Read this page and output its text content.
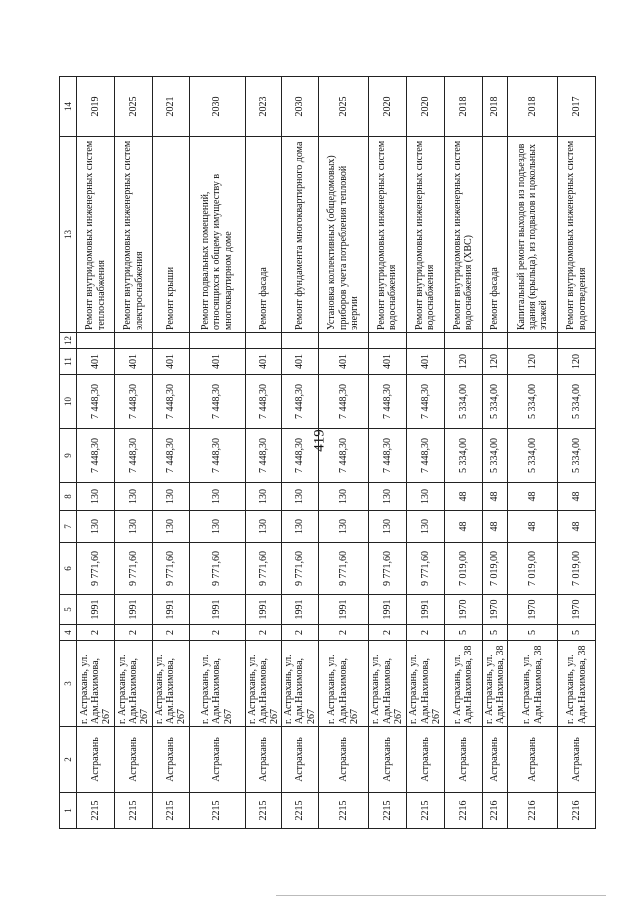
419
1	2	3	4	5	6	7	8	9	10	11	12	13	14
2215	Астрахань	г. Астрахань, ул. Адм.Нахимова, 267	2	1991	9 771,60	130	130	7 448,30	7 448,30	401		Ремонт внутридомовых инженерных систем теплоснабжения	2019
2215	Астрахань	г. Астрахань, ул. Адм.Нахимова, 267	2	1991	9 771,60	130	130	7 448,30	7 448,30	401		Ремонт внутридомовых инженерных систем электроснабжения	2025
2215	Астрахань	г. Астрахань, ул. Адм.Нахимова, 267	2	1991	9 771,60	130	130	7 448,30	7 448,30	401		Ремонт крыши	2021
2215	Астрахань	г. Астрахань, ул. Адм.Нахимова, 267	2	1991	9 771,60	130	130	7 448,30	7 448,30	401		Ремонт подвальных помещений, относящихся к общему имуществу в многоквартирном доме	2030
2215	Астрахань	г. Астрахань, ул. Адм.Нахимова, 267	2	1991	9 771,60	130	130	7 448,30	7 448,30	401		Ремонт фасада	2023
2215	Астрахань	г. Астрахань, ул. Адм.Нахимова, 267	2	1991	9 771,60	130	130	7 448,30	7 448,30	401		Ремонт фундамента многоквартирного дома	2030
2215	Астрахань	г. Астрахань, ул. Адм.Нахимова, 267	2	1991	9 771,60	130	130	7 448,30	7 448,30	401		Установка коллективных (общедомовых) приборов учета потребления тепловой энергии	2025
2215	Астрахань	г. Астрахань, ул. Адм.Нахимова, 267	2	1991	9 771,60	130	130	7 448,30	7 448,30	401		Ремонт внутридомовых инженерных систем водоснабжения	2020
2215	Астрахань	г. Астрахань, ул. Адм.Нахимова, 267	2	1991	9 771,60	130	130	7 448,30	7 448,30	401		Ремонт внутридомовых инженерных систем водоснабжения	2020
2216	Астрахань	г. Астрахань, ул. Адм.Нахимова, 38	5	1970	7 019,00	48	48	5 334,00	5 334,00	120		Ремонт внутридомовых инженерных систем водоснабжения (ХВС)	2018
2216	Астрахань	г. Астрахань, ул. Адм.Нахимова, 38	5	1970	7 019,00	48	48	5 334,00	5 334,00	120		Ремонт фасада	2018
2216	Астрахань	г. Астрахань, ул. Адм.Нахимова, 38	5	1970	7 019,00	48	48	5 334,00	5 334,00	120		Капитальный ремонт выходов из подъездов здания (крыльца), из подвалов и цокольных этажей	2018
2216	Астрахань	г. Астрахань, ул. Адм.Нахимова, 38	5	1970	7 019,00	48	48	5 334,00	5 334,00	120		Ремонт внутридомовых инженерных систем водоотведения	2017
